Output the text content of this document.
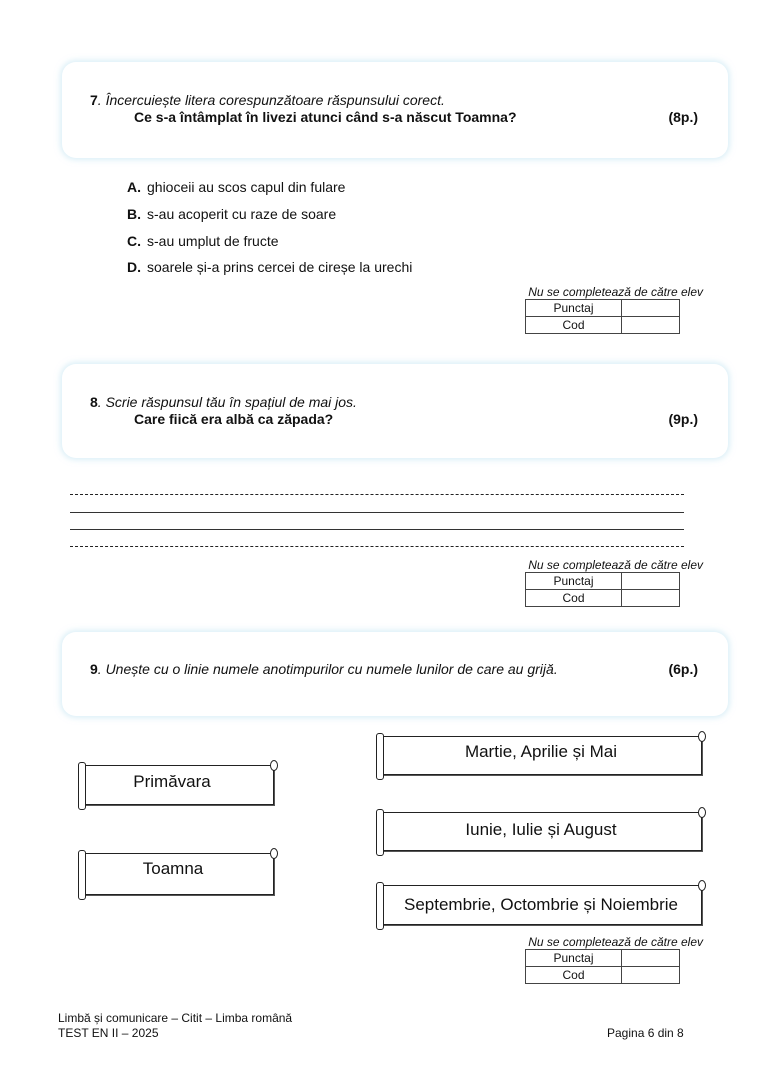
7. Încercuiește litera corespunzătoare răspunsului corect.
Ce s-a întâmplat în livezi atunci când s-a născut Toamna?	(8p.)
A. ghioceii au scos capul din fulare
B. s-au acoperit cu raze de soare
C. s-au umplut de fructe
D. soarele și-a prins cercei de cireșe la urechi
Nu se completează de către elev
Punctaj	
Cod	
8. Scrie răspunsul tău în spațiul de mai jos.
Care fiică era albă ca zăpada?	(9p.)
Nu se completează de către elev
Punctaj	
Cod	
9. Unește cu o linie numele anotimpurilor cu numele lunilor de care au grijă.	(6p.)
Primăvara
Toamna
Martie, Aprilie și Mai
Iunie, Iulie și August
Septembrie, Octombrie și Noiembrie
Nu se completează de către elev
Punctaj	
Cod	
Limbă și comunicare – Citit – Limba română
TEST EN II – 2025	Pagina 6 din 8
